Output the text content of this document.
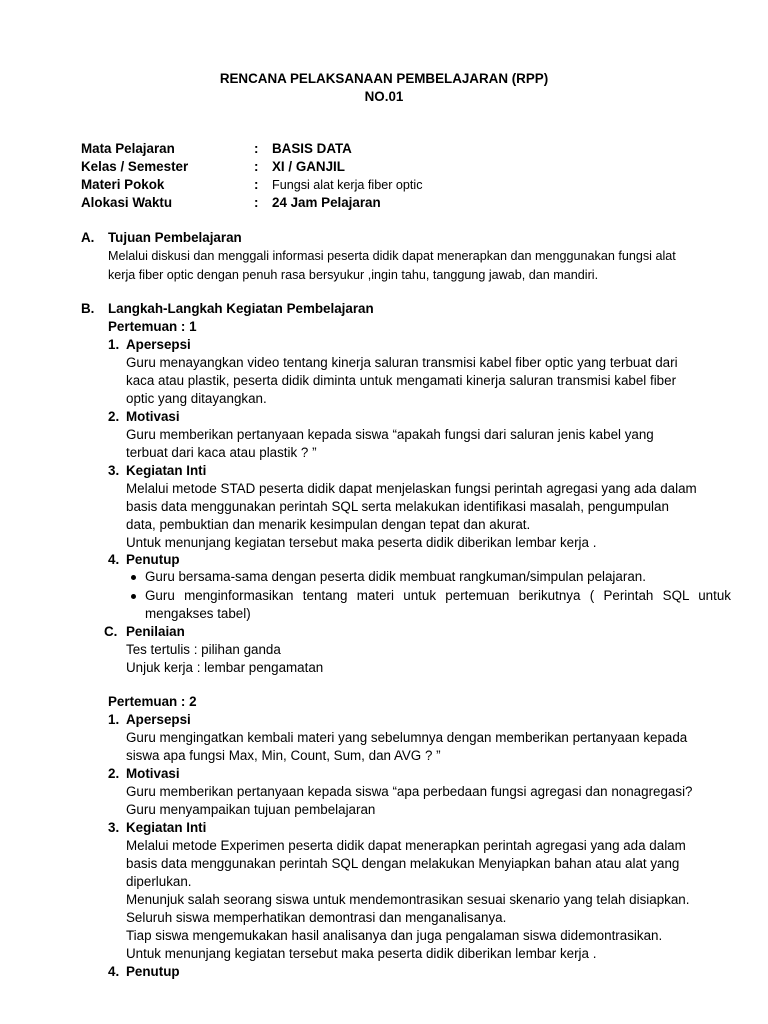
RENCANA PELAKSANAAN PEMBELAJARAN (RPP)
NO.01
Mata Pelajaran	: BASIS DATA
Kelas / Semester	: XI / GANJIL
Materi Pokok	: Fungsi alat kerja fiber optic
Alokasi Waktu	: 24 Jam Pelajaran
A. Tujuan Pembelajaran
Melalui diskusi dan menggali informasi peserta didik dapat menerapkan dan menggunakan fungsi alat
kerja fiber optic dengan penuh rasa bersyukur ,ingin tahu, tanggung jawab, dan mandiri.
B. Langkah-Langkah Kegiatan Pembelajaran
Pertemuan : 1
1. Apersepsi
Guru menayangkan video tentang kinerja saluran transmisi kabel fiber optic yang terbuat dari
kaca atau plastik, peserta didik diminta untuk mengamati kinerja saluran transmisi kabel fiber
optic yang ditayangkan.
2. Motivasi
Guru memberikan pertanyaan kepada siswa “apakah fungsi dari saluran jenis kabel yang
terbuat dari kaca atau plastik ? ”
3. Kegiatan Inti
Melalui metode STAD peserta didik dapat menjelaskan fungsi perintah agregasi yang ada dalam
basis data menggunakan perintah SQL serta melakukan identifikasi masalah, pengumpulan
data, pembuktian dan menarik kesimpulan dengan tepat dan akurat.
Untuk menunjang kegiatan tersebut maka peserta didik diberikan lembar kerja .
4. Penutup
Guru bersama-sama dengan peserta didik membuat rangkuman/simpulan pelajaran.
Guru menginformasikan tentang materi untuk pertemuan berikutnya ( Perintah SQL untuk
mengakses tabel)
C. Penilaian
Tes tertulis : pilihan ganda
Unjuk kerja : lembar pengamatan
Pertemuan : 2
1. Apersepsi
Guru mengingatkan kembali materi yang sebelumnya dengan memberikan pertanyaan kepada
siswa apa fungsi Max, Min, Count, Sum, dan AVG ? ”
2. Motivasi
Guru memberikan pertanyaan kepada siswa “apa perbedaan fungsi agregasi dan nonagregasi?
Guru menyampaikan tujuan pembelajaran
3. Kegiatan Inti
Melalui metode Experimen peserta didik dapat menerapkan perintah agregasi yang ada dalam
basis data menggunakan perintah SQL dengan melakukan Menyiapkan bahan atau alat yang
diperlukan.
Menunjuk salah seorang siswa untuk mendemontrasikan sesuai skenario yang telah disiapkan.
Seluruh siswa memperhatikan demontrasi dan menganalisanya.
Tiap siswa mengemukakan hasil analisanya dan juga pengalaman siswa didemontrasikan.
Untuk menunjang kegiatan tersebut maka peserta didik diberikan lembar kerja .
4. Penutup
